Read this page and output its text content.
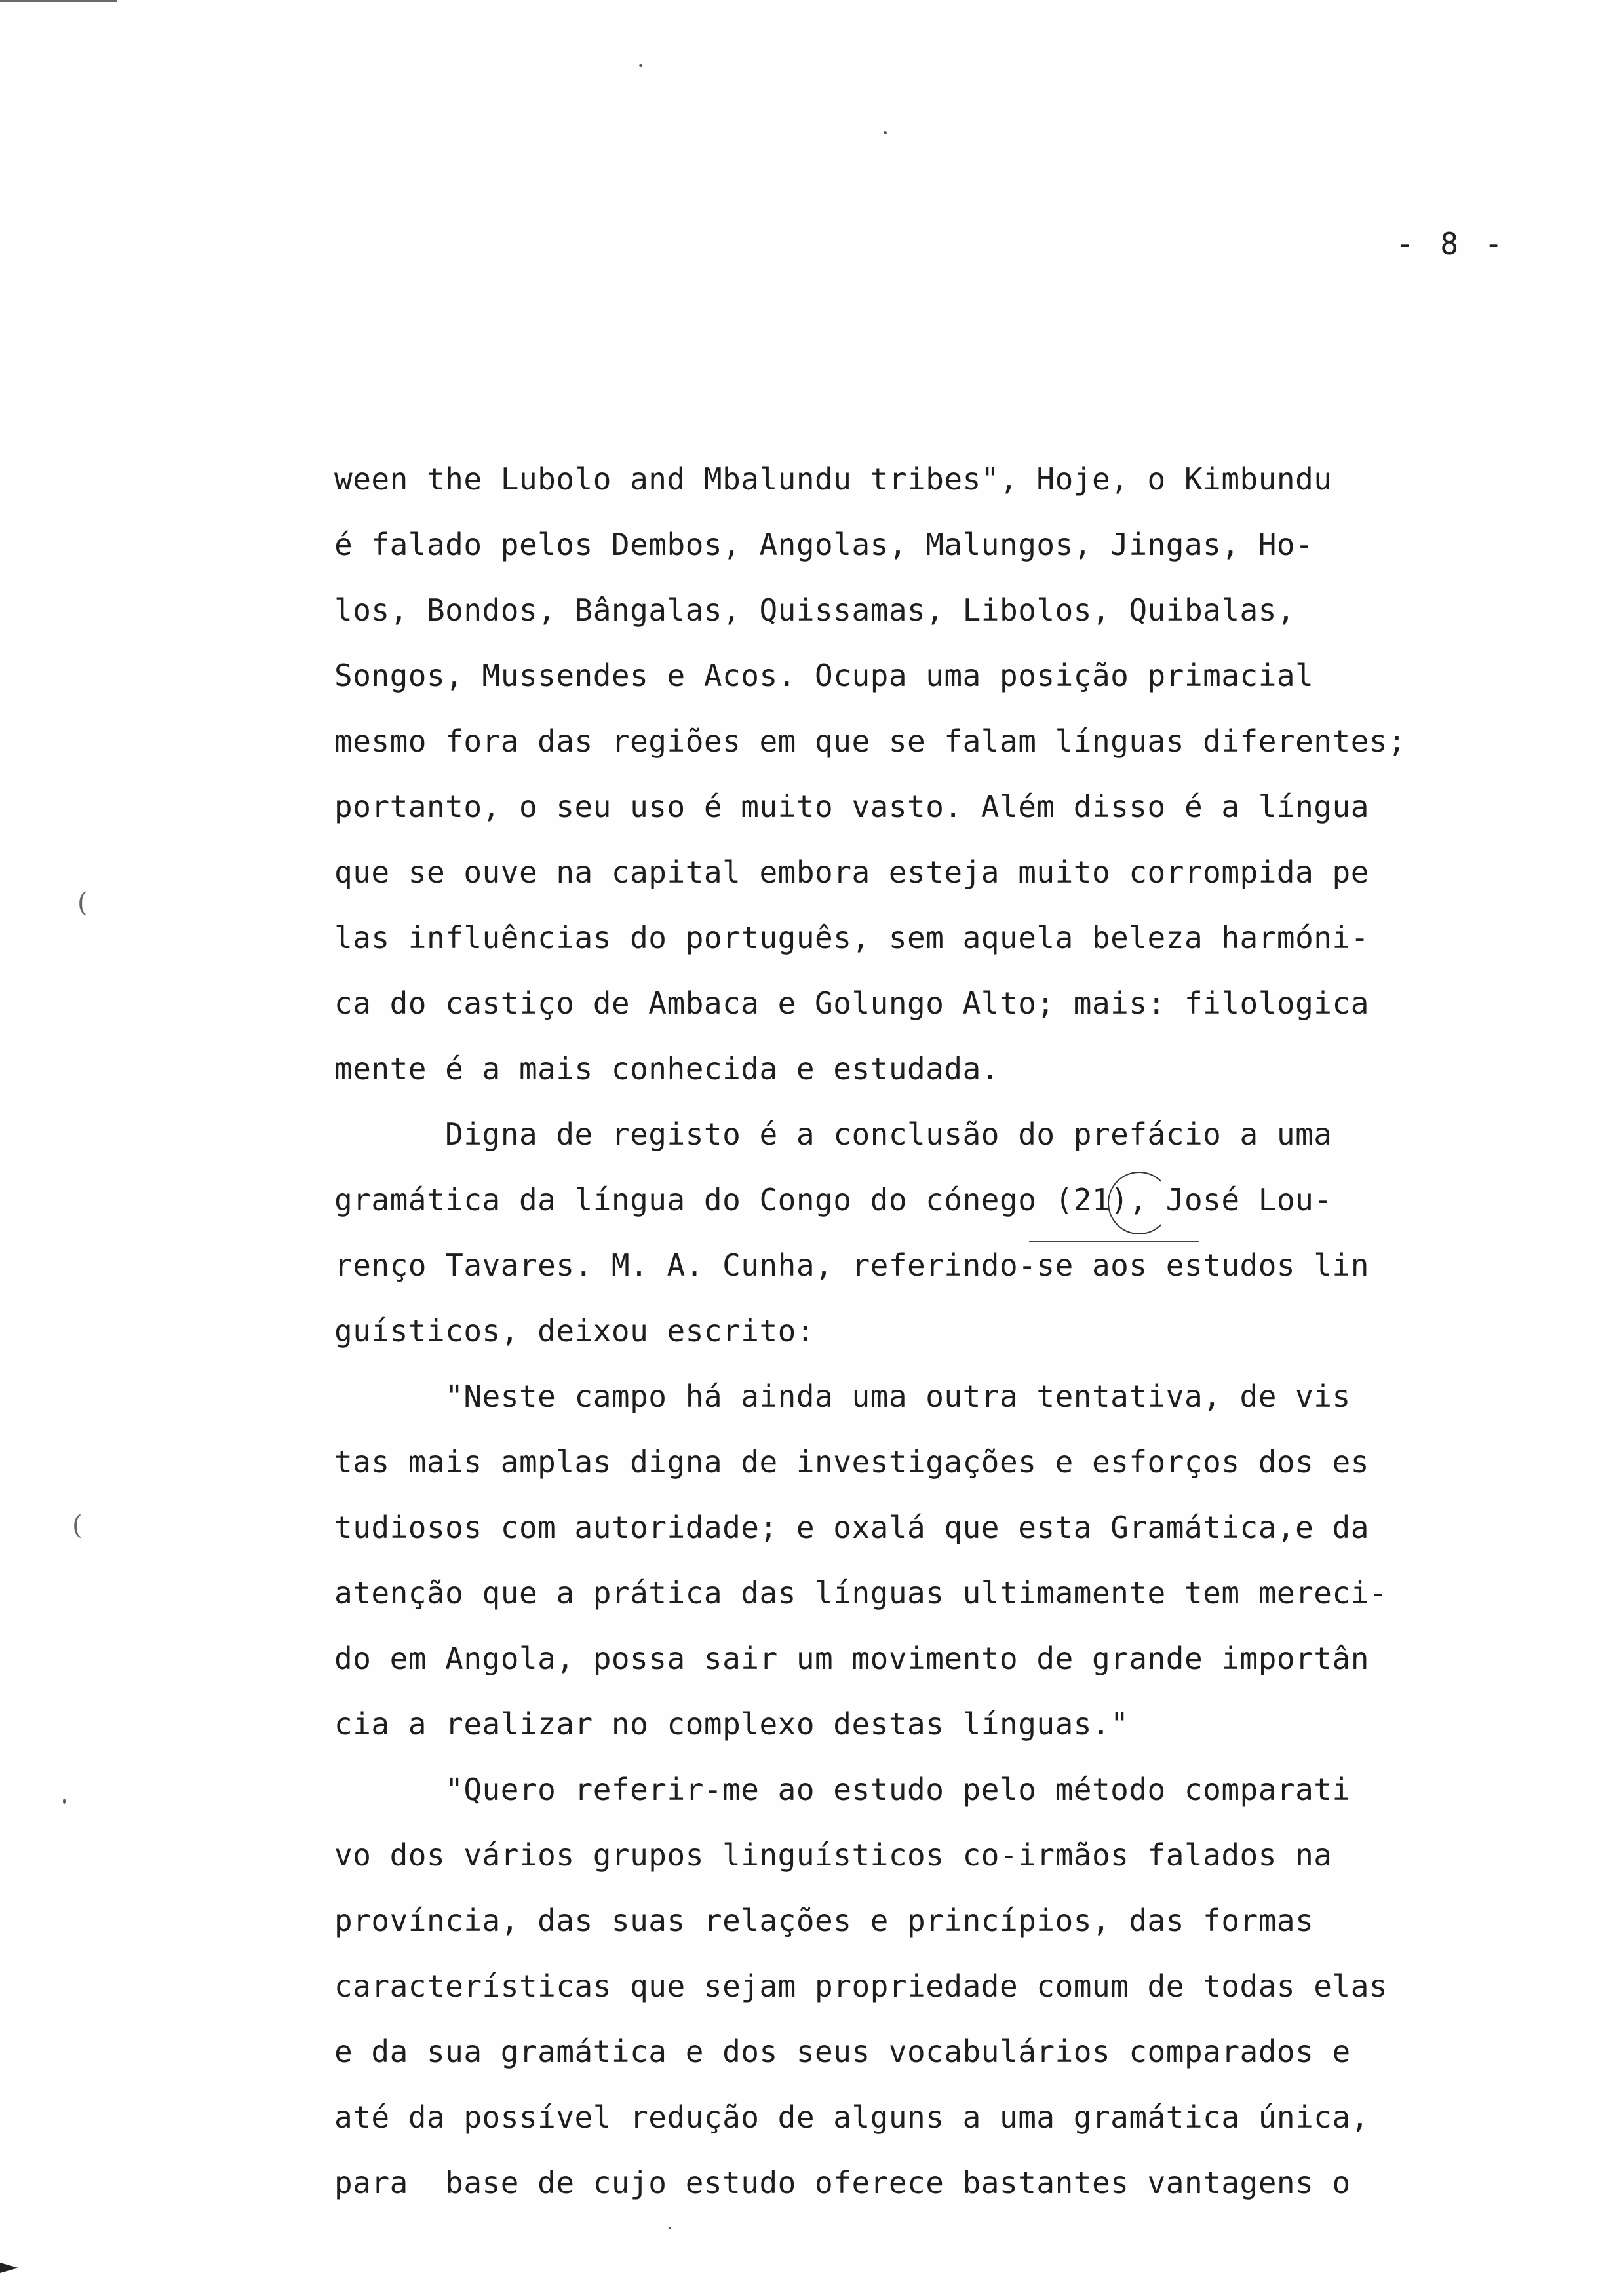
(
(
- 8 -
ween the Lubolo and Mbalundu tribes", Hoje, o Kimbundu
é falado pelos Dembos, Angolas, Malungos, Jingas, Ho-
los, Bondos, Bângalas, Quissamas, Libolos, Quibalas,
Songos, Mussendes e Acos. Ocupa uma posição primacial
mesmo fora das regiões em que se falam línguas diferentes;
portanto, o seu uso é muito vasto. Além disso é a língua
que se ouve na capital embora esteja muito corrompida pe
las influências do português, sem aquela beleza harmóni-
ca do castiço de Ambaca e Golungo Alto; mais: filologica
mente é a mais conhecida e estudada.
Digna de registo é a conclusão do prefácio a uma
gramática da língua do Congo do cónego (21), José Lou-
renço Tavares. M. A. Cunha, referindo-se aos estudos lin
guísticos, deixou escrito:
"Neste campo há ainda uma outra tentativa, de vis
tas mais amplas digna de investigações e esforços dos es
tudiosos com autoridade; e oxalá que esta Gramática,e da
atenção que a prática das línguas ultimamente tem mereci-
do em Angola, possa sair um movimento de grande importân
cia a realizar no complexo destas línguas."
"Quero referir-me ao estudo pelo método comparati
vo dos vários grupos linguísticos co-irmãos falados na
província, das suas relações e princípios, das formas
características que sejam propriedade comum de todas elas
e da sua gramática e dos seus vocabulários comparados e
até da possível redução de alguns a uma gramática única,
para  base de cujo estudo oferece bastantes vantagens o
